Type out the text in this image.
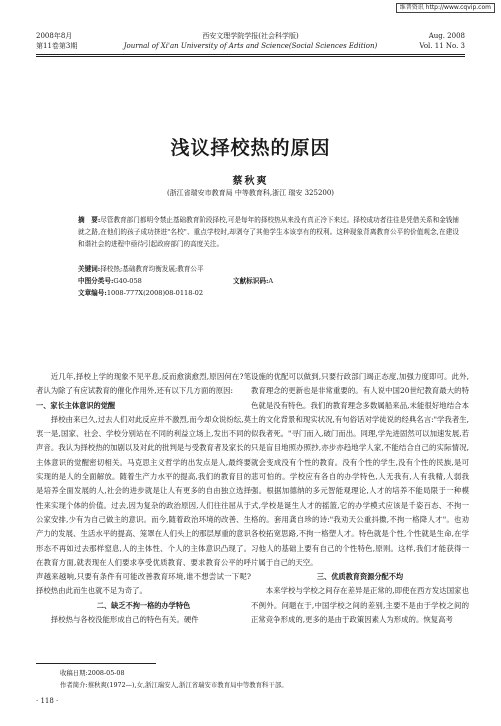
维普资讯 http://www.cqvip.com
2008年8月
第11卷第3期
西安文理学院学报(社会科学版)
Journal of Xi'an University of Arts and Science(Social Sciences Edition)
Aug. 2008
Vol. 11 No. 3
浅议择校热的原因
蔡秋爽
(浙江省瑞安市教育局 中等教育科,浙江 瑞安 325200)
摘　要:尽管教育部门都明令禁止基础教育阶段择校,可是每年的择校热从来没有真正冷下来过。择校成功者往往是凭借关系和金钱铺就之路,在他们的孩子成功挤进"名校"、重点学校时,却剥夺了其他学生本该享有的权利。这种现象背离教育公平的价值观念,在建设和谐社会的进程中亟待引起政府部门的高度关注。
关键词:择校热;基础教育均衡发展;教育公平
中图分类号:G40-058	文献标识码:A
文章编号:1008-777X(2008)08-0118-02

近几年,择校上学的现象不见平息,反而愈演愈烈,原因何在?笔者认为除了有应试教育的催化作用外,还有以下几方面的原因:

一、家长主体意识的觉醒

择校由来已久,过去人们对此反应并不激烈,而今却众说纷纭,莫衷一是,国家、社会、学校分别站在不同的利益立场上,发出不同的声音。我认为择校热的加剧以及对此的批判是与受教育者及家长的主体意识的觉醒密切相关。马克思主义哲学的出发点是人,最终要实现的是人的全面解放。随着生产力水平的提高,我们的教育目的是培养全面发展的人,社会的进步就是让人有更多的自由独立选择性来实现个体的价值。过去,因为复杂的政治原因,人们往往屈从于公家安排,少有为自己做主的意识。而今,随着政治环境的改善、生产力的发展、生活水平的提高、笼罩在人们头上的那层厚重的意识形态不再如过去那样窒息,人的主体性、个人的主体意识凸现了。在教育方面,就表现在人们要求享受优质教育、要求教育公平的呼声越来越响,只要有条件有可能改善教育环境,谁不想尝试一下呢?择校热由此而生也就不足为奇了。

二、缺乏不拘一格的办学特色

择校热与各校没能形成自己的特色有关。硬件

设施的优配可以做到,只要行政部门竭正态度,加强力度即可。此外,教育理念的更新也是非常重要的。有人说中国20世纪教育最大的特色就是没有特色。我们的教育理念多数属船来品,未能很好地结合本土的文化背景和现实状况,有句俗话对学徒说的经典名言:"学我者生,似我者死。"寻门而入,破门而出。同理,学先进固然可以加速发展,若只是盲目地照办照抄,亦步亦趋地学人家,不能结合自己的实际情况,就会变成没有个性的教育。没有个性的学生,没有个性的民族,是可悲可怕的。学校应有各自的办学特色,人无我有,人有我精,人弱我强。根据加德纳的多元智能观理论,人才的培养不能局限于一种模式,学校是诞生人才的摇篮,它的办学模式应该是千姿百态、不拘一格的。套用龚自珍的诗:"我劝天公重抖擞,不拘一格降人才"。也劝各校拓宽思路,不拘一格塑人才。特色就是个性,个性就是生命,在学习他人的基础上要有自己的个性特色,原则。这样,我们才能获得一片属于自己的天空。

三、优质教育资源分配不均

本来学校与学校之间存在差异是正常的,即使在西方发达国家也不例外。问题在于,中国学校之间的差别,主要不是由于学校之间的正常竞争形成的,更多的是由于政策因素人为形成的。恢复高考

收稿日期:2008-05-08
作者简介:蔡秋爽(1972—),女,浙江瑞安人,浙江省瑞安市教育局中等教育科干部。
· 118 ·
